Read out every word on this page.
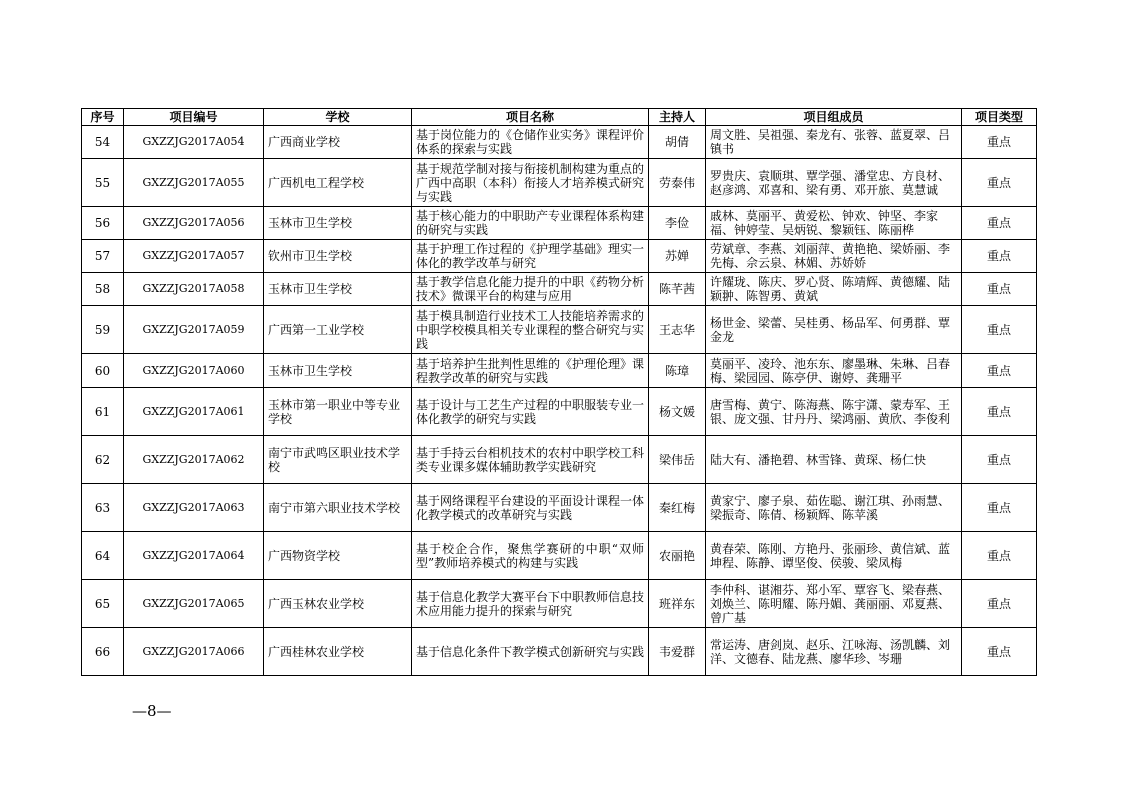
序号	项目编号	学校	项目名称	主持人	项目组成员	项目类型
54	GXZZJG2017A054	广西商业学校	基于岗位能力的《仓储作业实务》课程评价体系的探索与实践	胡倩	周文胜、吴祖强、秦龙有、张蓉、蓝夏翠、吕镇书	重点
55	GXZZJG2017A055	广西机电工程学校	基于规范学制对接与衔接机制构建为重点的广西中高职（本科）衔接人才培养模式研究与实践	劳泰伟	罗贵庆、袁顺琪、覃学强、潘堂忠、方良材、赵彦鸿、邓喜和、梁有勇、邓开旅、莫慧诚	重点
56	GXZZJG2017A056	玉林市卫生学校	基于核心能力的中职助产专业课程体系构建的研究与实践	李俭	戚林、莫丽平、黄爱松、钟欢、钟坚、李家福、钟婷莹、吴炳锐、黎颖钰、陈丽桦	重点
57	GXZZJG2017A057	钦州市卫生学校	基于护理工作过程的《护理学基础》理实一体化的教学改革与研究	苏婵	劳斌章、李燕、刘丽萍、黄艳艳、梁娇丽、李先梅、佘云泉、林媚、苏娇娇	重点
58	GXZZJG2017A058	玉林市卫生学校	基于教学信息化能力提升的中职《药物分析技术》微课平台的构建与应用	陈芊茜	许耀珑、陈庆、罗心贤、陈靖辉、黄德耀、陆颖翀、陈智勇、黄斌	重点
59	GXZZJG2017A059	广西第一工业学校	基于模具制造行业技术工人技能培养需求的中职学校模具相关专业课程的整合研究与实践	王志华	杨世金、梁蕾、吴桂勇、杨品军、何勇群、覃金龙	重点
60	GXZZJG2017A060	玉林市卫生学校	基于培养护生批判性思维的《护理伦理》课程教学改革的研究与实践	陈璋	莫丽平、凌玲、池东东、廖墨琳、朱琳、吕春梅、梁园园、陈亭伊、谢婷、龚珊平	重点
61	GXZZJG2017A061	玉林市第一职业中等专业学校	基于设计与工艺生产过程的中职服装专业一体化教学的研究与实践	杨文媛	唐雪梅、黄宁、陈海燕、陈宇潇、蒙寿军、王银、庞文强、甘丹丹、梁鸿丽、黄欣、李俊利	重点
62	GXZZJG2017A062	南宁市武鸣区职业技术学校	基于手持云台相机技术的农村中职学校工科类专业课多媒体辅助教学实践研究	梁伟岳	陆大有、潘艳碧、林雪锋、黄琛、杨仁快	重点
63	GXZZJG2017A063	南宁市第六职业技术学校	基于网络课程平台建设的平面设计课程一体化教学模式的改革研究与实践	秦红梅	黄家宁、廖子泉、茹佐聪、谢江琪、孙雨慧、梁振奇、陈倩、杨颖辉、陈苹溪	重点
64	GXZZJG2017A064	广西物资学校	基于校企合作，聚焦学赛研的中职“双师型”教师培养模式的构建与实践	农丽艳	黄春荣、陈刚、方艳丹、张丽珍、黄信斌、蓝坤程、陈静、谭坚俊、侯骏、梁凤梅	重点
65	GXZZJG2017A065	广西玉林农业学校	基于信息化教学大赛平台下中职教师信息技术应用能力提升的探索与研究	班祥东	李仲科、谌湘芬、郑小军、覃容飞、梁春燕、刘焕兰、陈明耀、陈丹媚、龚丽丽、邓夏燕、曾广基	重点
66	GXZZJG2017A066	广西桂林农业学校	基于信息化条件下教学模式创新研究与实践	韦爱群	常运涛、唐剑岚、赵乐、江咏海、汤凯麟、刘洋、文德春、陆龙燕、廖华珍、岑珊	重点
—8—
